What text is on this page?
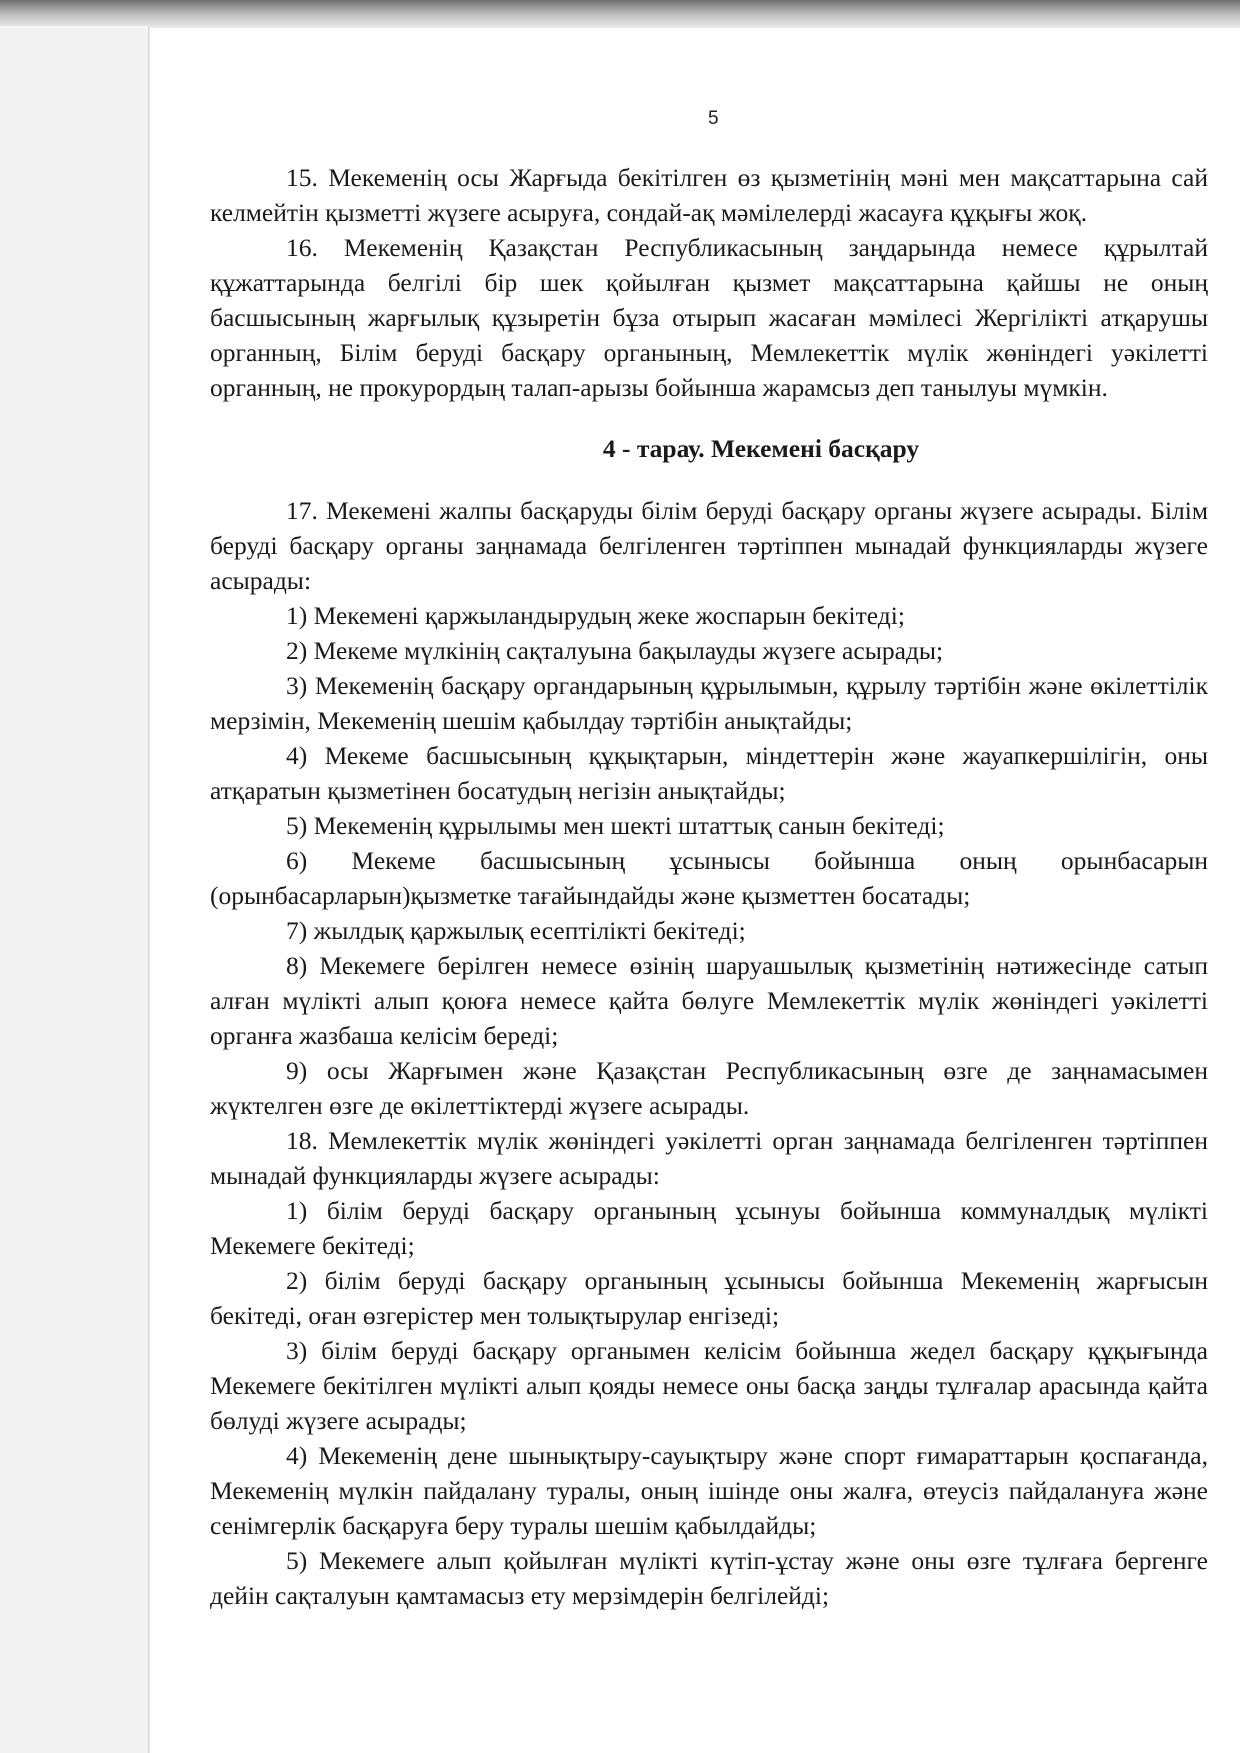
5

15. Мекеменің осы Жарғыда бекітілген өз қызметінің мәні мен мақсаттарына сай келмейтін қызметті жүзеге асыруға, сондай-ақ мәмілелерді жасауға құқығы жоқ.

16. Мекеменің Қазақстан Республикасының заңдарында немесе құрылтай құжаттарында белгілі бір шек қойылған қызмет мақсаттарына қайшы не оның басшысының жарғылық құзыретін бұза отырып жасаған мәмілесі Жергілікті атқарушы органның, Білім беруді басқару органының, Мемлекеттік мүлік жөніндегі уәкілетті органның, не прокурордың талап-арызы бойынша жарамсыз деп танылуы мүмкін.

4 - тарау. Мекемені басқару

17. Мекемені жалпы басқаруды білім беруді басқару органы жүзеге асырады. Білім беруді басқару органы заңнамада белгіленген тәртіппен мынадай функцияларды жүзеге асырады:

1) Мекемені қаржыландырудың жеке жоспарын бекітеді;

2) Мекеме мүлкінің сақталуына бақылауды жүзеге асырады;

3) Мекеменің басқару органдарының құрылымын, құрылу тәртібін және өкілеттілік мерзімін, Мекеменің шешім қабылдау тәртібін анықтайды;

4) Мекеме басшысының құқықтарын, міндеттерін және жауапкершілігін, оны атқаратын қызметінен босатудың негізін анықтайды;

5) Мекеменің құрылымы мен шекті штаттық санын бекітеді;

6) Мекеме басшысының ұсынысы бойынша оның орынбасарын (орынбасарларын)қызметке тағайындайды және қызметтен босатады;

7) жылдық қаржылық есептілікті бекітеді;

8) Мекемеге берілген немесе өзінің шаруашылық қызметінің нәтижесінде сатып алған мүлікті алып қоюға немесе қайта бөлуге Мемлекеттік мүлік жөніндегі уәкілетті органға жазбаша келісім береді;

9) осы Жарғымен және Қазақстан Республикасының өзге де заңнамасымен жүктелген өзге де өкілеттіктерді жүзеге асырады.

18. Мемлекеттік мүлік жөніндегі уәкілетті орган заңнамада белгіленген тәртіппен мынадай функцияларды жүзеге асырады:

1) білім беруді басқару органының ұсынуы бойынша коммуналдық мүлікті Мекемеге бекітеді;

2) білім беруді басқару органының ұсынысы бойынша Мекеменің жарғысын бекітеді, оған өзгерістер мен толықтырулар енгізеді;

3) білім беруді басқару органымен келісім бойынша жедел басқару құқығында Мекемеге бекітілген мүлікті алып қояды немесе оны басқа заңды тұлғалар арасында қайта бөлуді жүзеге асырады;

4) Мекеменің дене шынықтыру-сауықтыру және спорт ғимараттарын қоспағанда, Мекеменің мүлкін пайдалану туралы, оның ішінде оны жалға, өтеусіз пайдалануға және сенімгерлік басқаруға беру туралы шешім қабылдайды;

5) Мекемеге алып қойылған мүлікті күтіп-ұстау және оны өзге тұлғаға бергенге дейін сақталуын қамтамасыз ету мерзімдерін белгілейді;
